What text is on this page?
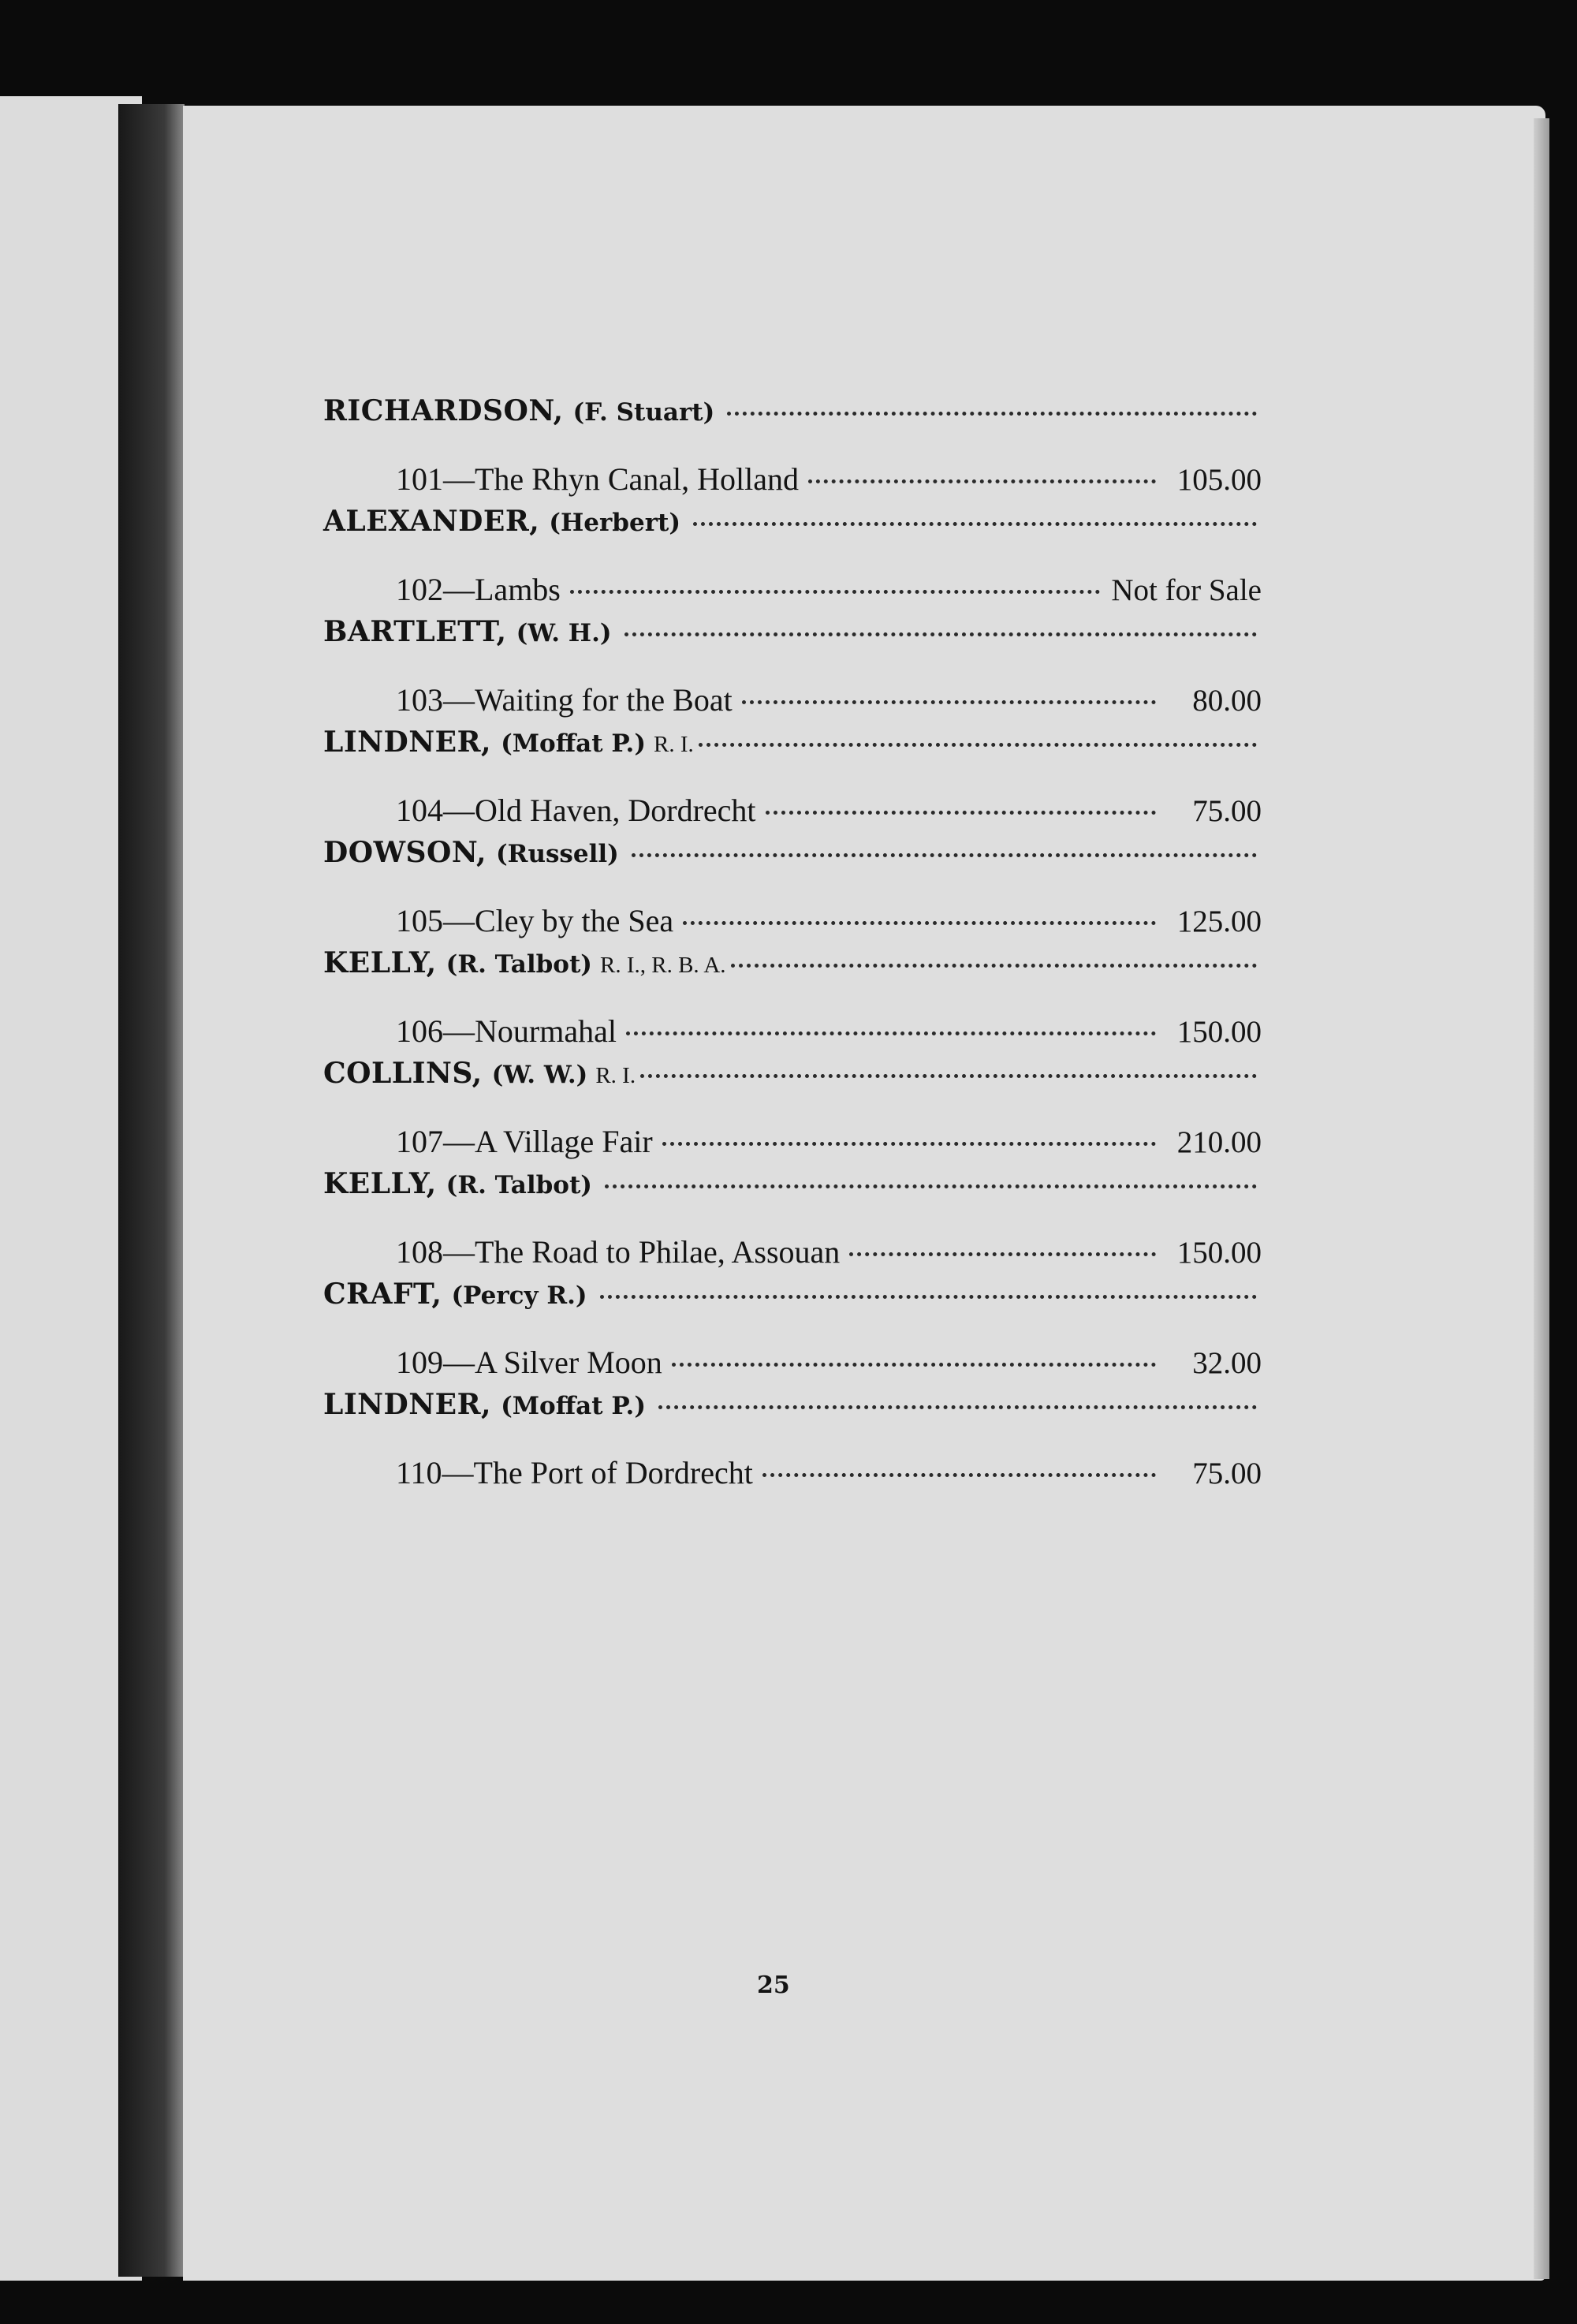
RICHARDSON, (F. Stuart)
101—The Rhyn Canal, Holland	105.00
ALEXANDER, (Herbert)
102—Lambs	Not for Sale
BARTLETT, (W. H.)
103—Waiting for the Boat	80.00
LINDNER, (Moffat P.) R. I.
104—Old Haven, Dordrecht	75.00
DOWSON, (Russell)
105—Cley by the Sea	125.00
KELLY, (R. Talbot) R. I., R. B. A.
106—Nourmahal	150.00
COLLINS, (W. W.) R. I.
107—A Village Fair	210.00
KELLY, (R. Talbot)
108—The Road to Philae, Assouan	150.00
CRAFT, (Percy R.)
109—A Silver Moon	32.00
LINDNER, (Moffat P.)
110—The Port of Dordrecht	75.00
25
